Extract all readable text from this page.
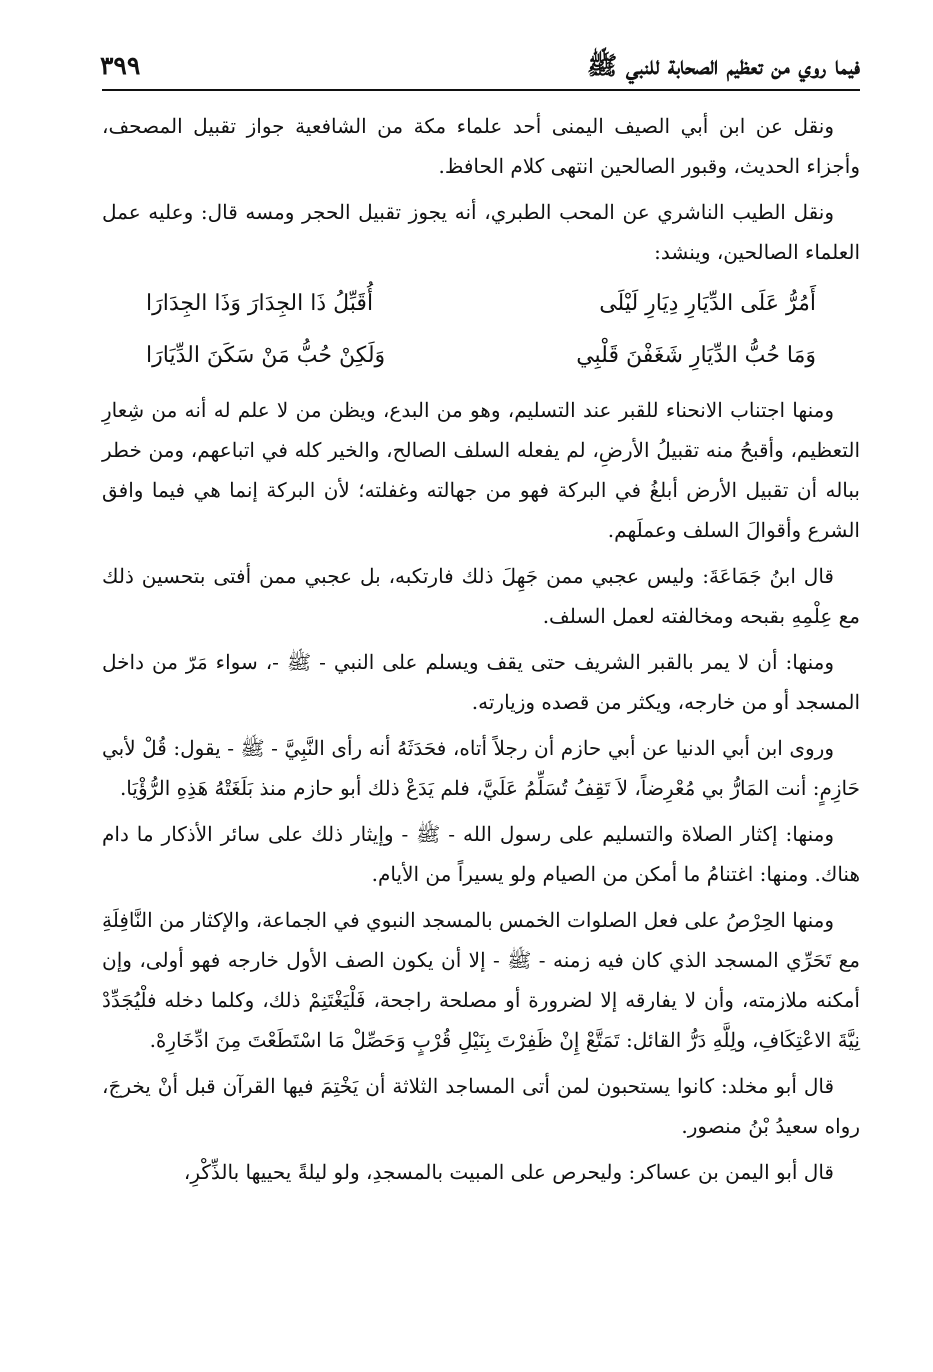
فيما روي من تعظيم الصحابة للنبي ﷺ
٣٩٩

ونقل عن ابن أبي الصيف اليمنى أحد علماء مكة من الشافعية جواز تقبيل المصحف، وأجزاء الحديث، وقبور الصالحين انتهى كلام الحافظ.

ونقل الطيب الناشري عن المحب الطبري، أنه يجوز تقبيل الحجر ومسه قال: وعليه عمل العلماء الصالحين، وينشد:

أَمُرُّ عَلَى الدِّيَارِ دِيَارِ لَيْلَى
أُقَبِّلُ ذَا الجِدَارَ وَذَا الجِدَارَا
وَمَا حُبُّ الدِّيَارِ شَغَفْنَ قَلْبِي
وَلَكِنْ حُبُّ مَنْ سَكَنَ الدِّيَارَا

ومنها اجتناب الانحناء للقبر عند التسليم، وهو من البدع، ويظن من لا علم له أنه من شِعارِ التعظيم، وأقبحُ منه تقبيلُ الأرضِ، لم يفعله السلف الصالح، والخير كله في اتباعهم، ومن خطر بباله أن تقبيل الأرض أبلغُ في البركة فهو من جهالته وغفلته؛ لأن البركة إنما هي فيما وافق الشرع وأقوالَ السلف وعملَهم.

قال ابنُ جَمَاعَةَ: وليس عجبي ممن جَهِلَ ذلك فارتكبه، بل عجبي ممن أفتى بتحسين ذلك مع عِلْمِهِ بقبحه ومخالفته لعمل السلف.

ومنها: أن لا يمر بالقبر الشريف حتى يقف ويسلم على النبي - ﷺ -، سواء مَرّ من داخل المسجد أو من خارجه، ويكثر من قصده وزيارته.

وروى ابن أبي الدنيا عن أبي حازم أن رجلاً أتاه، فحَدَثَهُ أنه رأى النَّبِيَّ - ﷺ - يقول: قُلْ لأبي حَازِمٍ: أنت المَارُّ بي مُعْرِضاً، لاَ تَقِفُ تُسَلِّمُ عَلَيَّ، فلم يَدَعْ ذلك أبو حازم منذ بَلَغَتْهُ هَذِهِ الرُّؤْيَا.

ومنها: إكثار الصلاة والتسليم على رسول الله - ﷺ - وإيثار ذلك على سائر الأذكار ما دام هناك. ومنها: اغتنامُ ما أمكن من الصيام ولو يسيراً من الأيام.

ومنها الحِرْصُ على فعل الصلوات الخمس بالمسجد النبوي في الجماعة، والإكثار من النَّافِلَةِ مع تَحَرِّي المسجد الذي كان فيه زمنه - ﷺ - إلا أن يكون الصف الأول خارجه فهو أولى، وإن أمكنه ملازمته، وأن لا يفارقه إلا لضرورة أو مصلحة راجحة، فَلْيَغْتَنِمْ ذلك، وكلما دخله فلْيُجَدِّدْ نِيَّةَ الاعْتِكَافِ، ولِلَّهِ دَرُّ القائل: تَمَتَّعْ إِنْ ظَفِرْتَ بِنَيْلِ قُرْبٍ وَحَصِّلْ مَا اسْتَطَعْتَ مِنَ ادِّخَارِهْ.

قال أبو مخلد: كانوا يستحبون لمن أتى المساجد الثلاثة أن يَخْتِمَ فيها القرآن قبل أنْ يخرجَ، رواه سعيدُ بْنُ منصور.

قال أبو اليمن بن عساكر: وليحرص على المبيت بالمسجدِ، ولو ليلةً يحييها بالذِّكْرِ،
